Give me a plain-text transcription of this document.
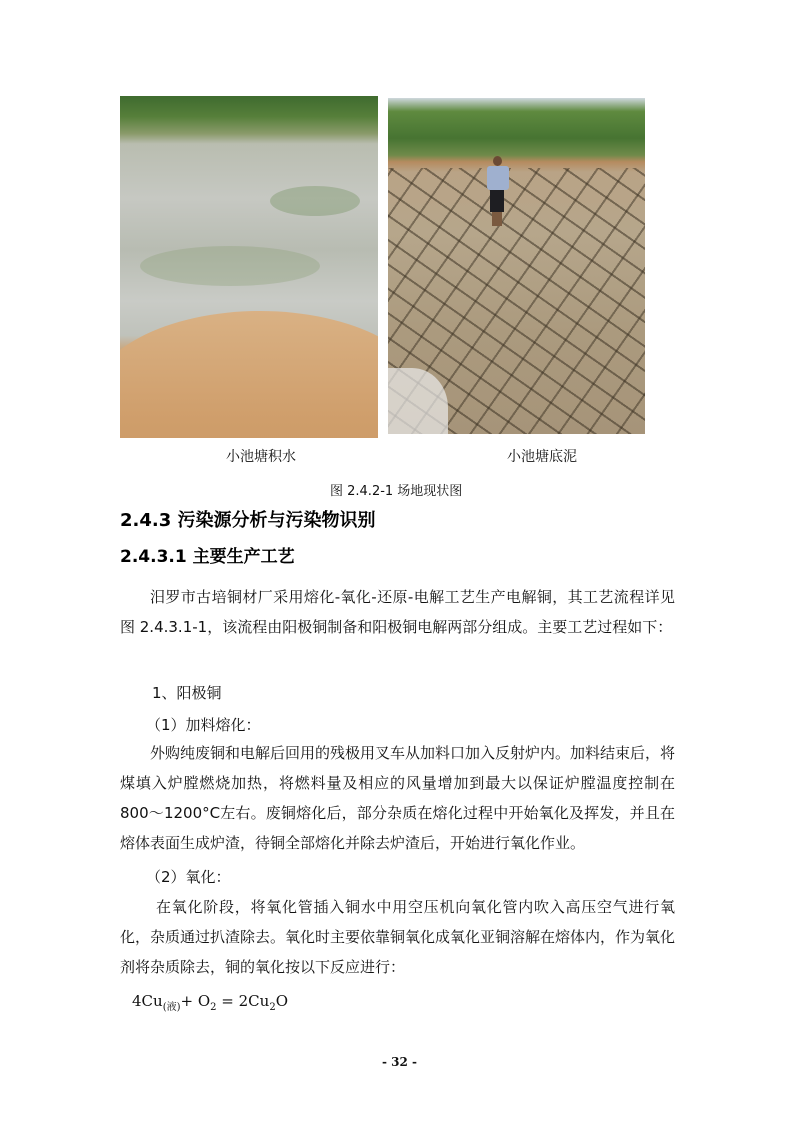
小池塘积水	小池塘底泥
图 2.4.2-1 场地现状图
2.4.3 污染源分析与污染物识别
2.4.3.1 主要生产工艺
汨罗市古培铜材厂采用熔化-氧化-还原-电解工艺生产电解铜，其工艺流程详见图 2.4.3.1-1，该流程由阳极铜制备和阳极铜电解两部分组成。主要工艺过程如下：
1、阳极铜
（1）加料熔化：
外购纯废铜和电解后回用的残极用叉车从加料口加入反射炉内。加料结束后，将煤填入炉膛燃烧加热，将燃料量及相应的风量增加到最大以保证炉膛温度控制在 800～1200°C左右。废铜熔化后，部分杂质在熔化过程中开始氧化及挥发，并且在熔体表面生成炉渣，待铜全部熔化并除去炉渣后，开始进行氧化作业。
（2）氧化：
在氧化阶段，将氧化管插入铜水中用空压机向氧化管内吹入高压空气进行氧化，杂质通过扒渣除去。氧化时主要依靠铜氧化成氧化亚铜溶解在熔体内，作为氧化剂将杂质除去，铜的氧化按以下反应进行：
$4Cu_{(液)}+ O_2 = 2Cu_2O$
- 32 -
